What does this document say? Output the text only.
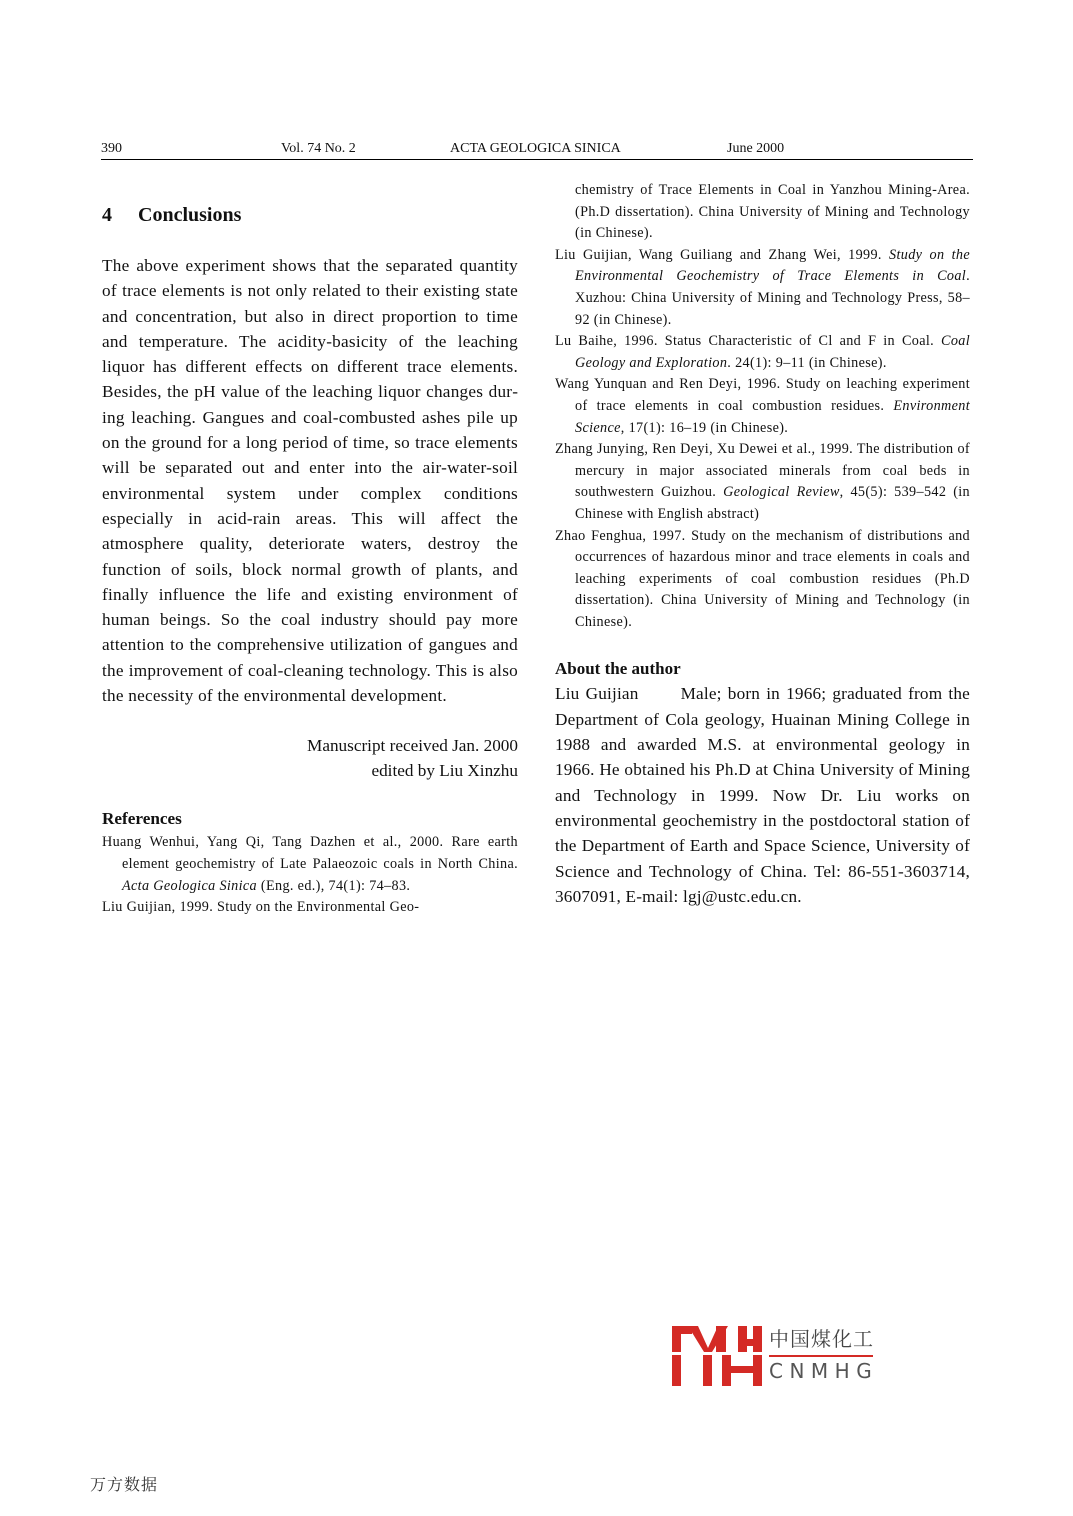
390	Vol. 74 No. 2	ACTA GEOLOGICA SINICA	June 2000
4	Conclusions

The above experiment shows that the separated quantity of trace elements is not only related to their existing state and concentration, but also in direct proportion to time and temperature. The acidity-basicity of the leaching liquor has different effects on different trace elements. Besides, the pH value of the leaching liquor changes during leaching. Gangues and coal-combusted ashes pile up on the ground for a long period of time, so trace elements will be separated out and enter into the air-water-soil environmental system under complex conditions especially in acid-rain areas. This will affect the atmosphere quality, deteriorate waters, destroy the function of soils, block normal growth of plants, and finally influence the life and existing environment of human beings. So the coal industry should pay more attention to the comprehensive utilization of gangues and the improvement of coal-cleaning technology. This is also the necessity of the environmental development.

Manuscript received Jan. 2000
edited by Liu Xinzhu
References

Huang Wenhui, Yang Qi, Tang Dazhen et al., 2000. Rare earth element geochemistry of Late Palaeozoic coals in North China. Acta Geologica Sinica (Eng. ed.), 74(1): 74–83.

Liu Guijian, 1999. Study on the Environmental Geo-

chemistry of Trace Elements in Coal in Yanzhou Mining-Area. (Ph.D dissertation). China University of Mining and Technology (in Chinese).

Liu Guijian, Wang Guiliang and Zhang Wei, 1999. Study on the Environmental Geochemistry of Trace Elements in Coal. Xuzhou: China University of Mining and Technology Press, 58–92 (in Chinese).

Lu Baihe, 1996. Status Characteristic of Cl and F in Coal. Coal Geology and Exploration. 24(1): 9–11 (in Chinese).

Wang Yunquan and Ren Deyi, 1996. Study on leaching experiment of trace elements in coal combustion residues. Environment Science, 17(1): 16–19 (in Chinese).

Zhang Junying, Ren Deyi, Xu Dewei et al., 1999. The distribution of mercury in major associated minerals from coal beds in southwestern Guizhou. Geological Review, 45(5): 539–542 (in Chinese with English abstract)

Zhao Fenghua, 1997. Study on the mechanism of distributions and occurrences of hazardous minor and trace elements in coals and leaching experiments of coal combustion residues (Ph.D dissertation). China University of Mining and Technology (in Chinese).

About the author

Liu Guijian Male; born in 1966; graduated from the Department of Cola geology, Huainan Mining College in 1988 and awarded M.S. at environmental geology in 1966. He obtained his Ph.D at China University of Mining and Technology in 1999. Now Dr. Liu works on environmental geochemistry in the postdoctoral station of the Department of Earth and Space Science, University of Science and Technology of China. Tel: 86-551-3603714, 3607091, E-mail: lgj@ustc.edu.cn.

中国煤化工
CNMHG
万方数据
